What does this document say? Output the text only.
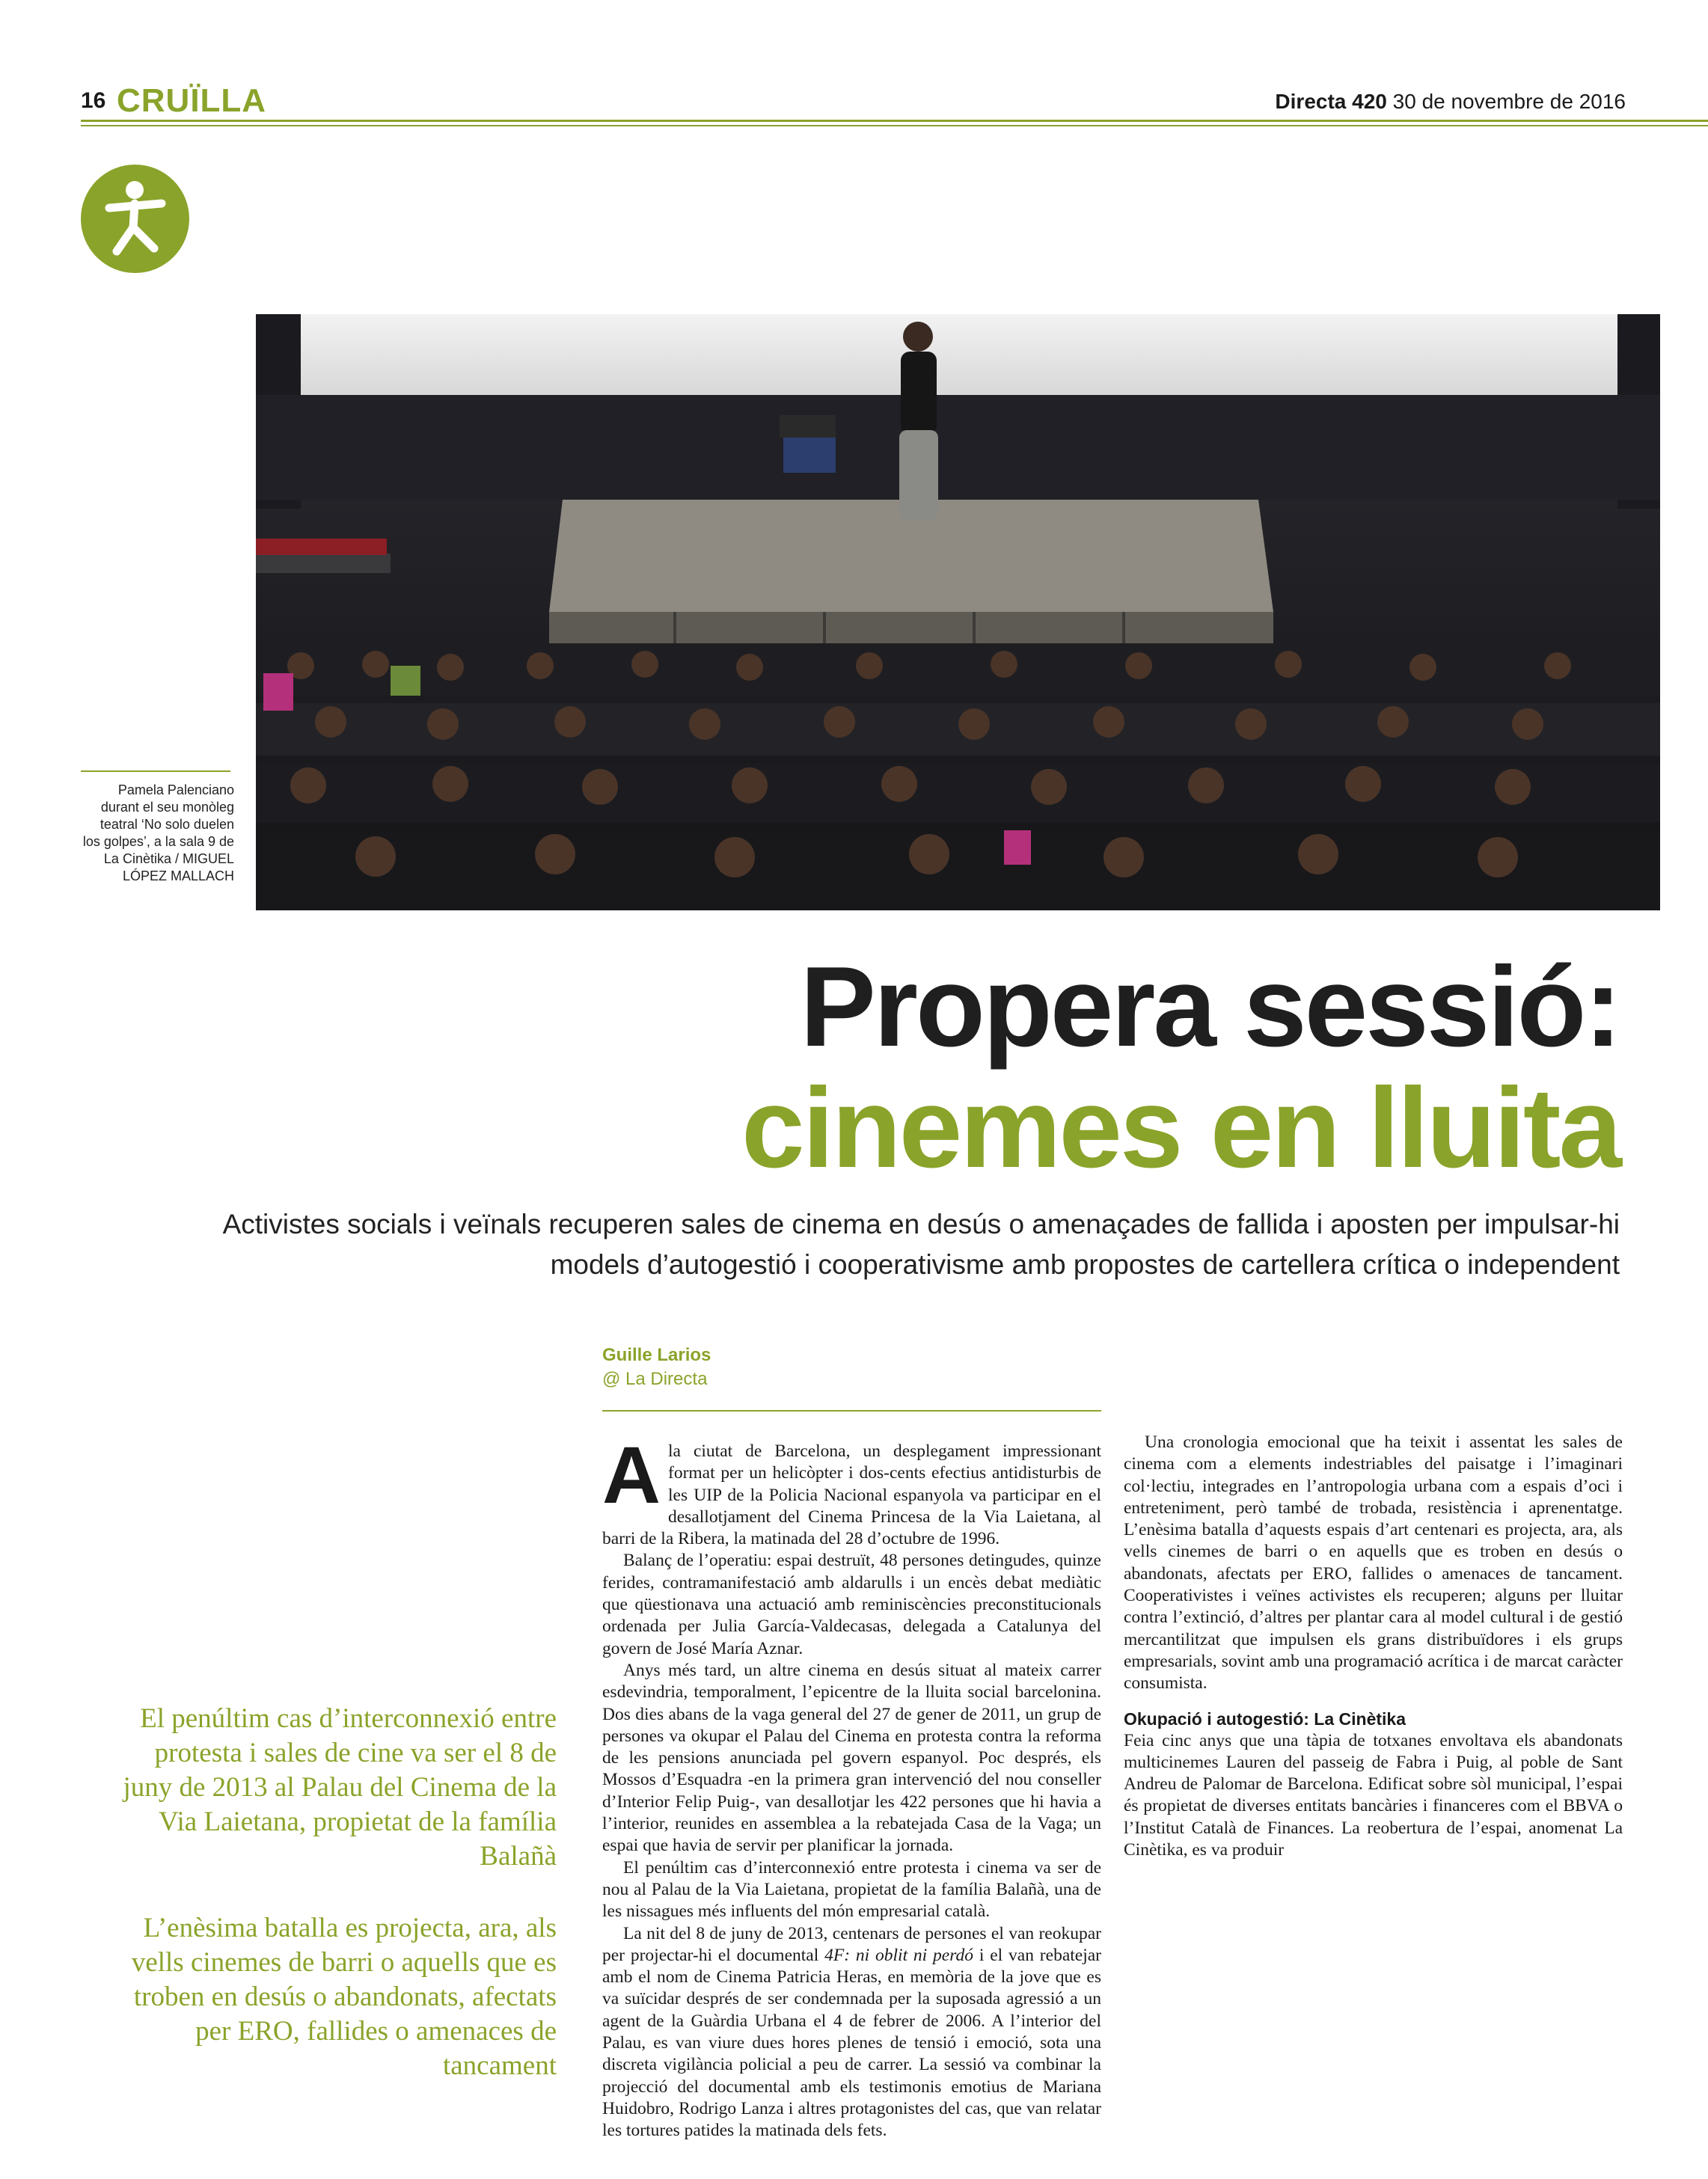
16 CRUÏLLA	Directa 420 30 de novembre de 2016
Pamela Palenciano durant el seu monòleg teatral ‘No solo duelen los golpes’, a la sala 9 de La Cinètika / MIGUEL LÓPEZ MALLACH
Propera sessió:
cinemes en lluita
Activistes socials i veïnals recuperen sales de cinema en desús o amenaçades de fallida i aposten per impulsar-hi models d’autogestió i cooperativisme amb propostes de cartellera crítica o independent
Guille Larios
@ La Directa
El penúltim cas d’interconnexió entre protesta i sales de cine va ser el 8 de juny de 2013 al Palau del Cinema de la Via Laietana, propietat de la família Balañà
L’enèsima batalla es projecta, ara, als vells cinemes de barri o aquells que es troben en desús o abandonats, afectats per ERO, fallides o amenaces de tancament

Ala ciutat de Barcelona, un desplegament impressionant format per un helicòpter i dos-cents efectius antidisturbis de les UIP de la Policia Nacional espanyola va participar en el desallotjament del Cinema Princesa de la Via Laietana, al barri de la Ribera, la matinada del 28 d’octubre de 1996.

Balanç de l’operatiu: espai destruït, 48 persones detingudes, quinze ferides, contramanifestació amb aldarulls i un encès debat mediàtic que qüestionava una actuació amb reminiscències preconstitucionals ordenada per Julia García-Valdecasas, delegada a Catalunya del govern de José María Aznar.

Anys més tard, un altre cinema en desús situat al mateix carrer esdevindria, temporalment, l’epicentre de la lluita social barcelonina. Dos dies abans de la vaga general del 27 de gener de 2011, un grup de persones va okupar el Palau del Cinema en protesta contra la reforma de les pensions anunciada pel govern espanyol. Poc després, els Mossos d’Esquadra -en la primera gran intervenció del nou conseller d’Interior Felip Puig-, van desallotjar les 422 persones que hi havia a l’interior, reunides en assemblea a la rebatejada Casa de la Vaga; un espai que havia de servir per planificar la jornada.

El penúltim cas d’interconnexió entre protesta i cinema va ser de nou al Palau de la Via Laietana, propietat de la família Balañà, una de les nissagues més influents del món empresarial català.

La nit del 8 de juny de 2013, centenars de persones el van reokupar per projectar-hi el documental 4F: ni oblit ni perdó i el van rebatejar amb el nom de Cinema Patricia Heras, en memòria de la jove que es va suïcidar després de ser condemnada per la suposada agressió a un agent de la Guàrdia Urbana el 4 de febrer de 2006. A l’interior del Palau, es van viure dues hores plenes de tensió i emoció, sota una discreta vigilància policial a peu de carrer. La sessió va combinar la projecció del documental amb els testimonis emotius de Mariana Huidobro, Rodrigo Lanza i altres protagonistes del cas, que van relatar les tortures patides la matinada dels fets.

Una cronologia emocional que ha teixit i assentat les sales de cinema com a elements indestriables del paisatge i l’imaginari col·lectiu, integrades en l’antropologia urbana com a espais d’oci i entreteniment, però també de trobada, resistència i aprenentatge. L’enèsima batalla d’aquests espais d’art centenari es projecta, ara, als vells cinemes de barri o en aquells que es troben en desús o abandonats, afectats per ERO, fallides o amenaces de tancament. Cooperativistes i veïnes activistes els recuperen; alguns per lluitar contra l’extinció, d’altres per plantar cara al model cultural i de gestió mercantilitzat que impulsen els grans distribuïdores i els grups empresarials, sovint amb una programació acrítica i de marcat caràcter consumista.

Okupació i autogestió: La Cinètika

Feia cinc anys que una tàpia de totxanes envoltava els abandonats multicinemes Lauren del passeig de Fabra i Puig, al poble de Sant Andreu de Palomar de Barcelona. Edificat sobre sòl municipal, l’espai és propietat de diverses entitats bancàries i financeres com el BBVA o l’Institut Català de Finances. La reobertura de l’espai, anomenat La Cinètika, es va produir
